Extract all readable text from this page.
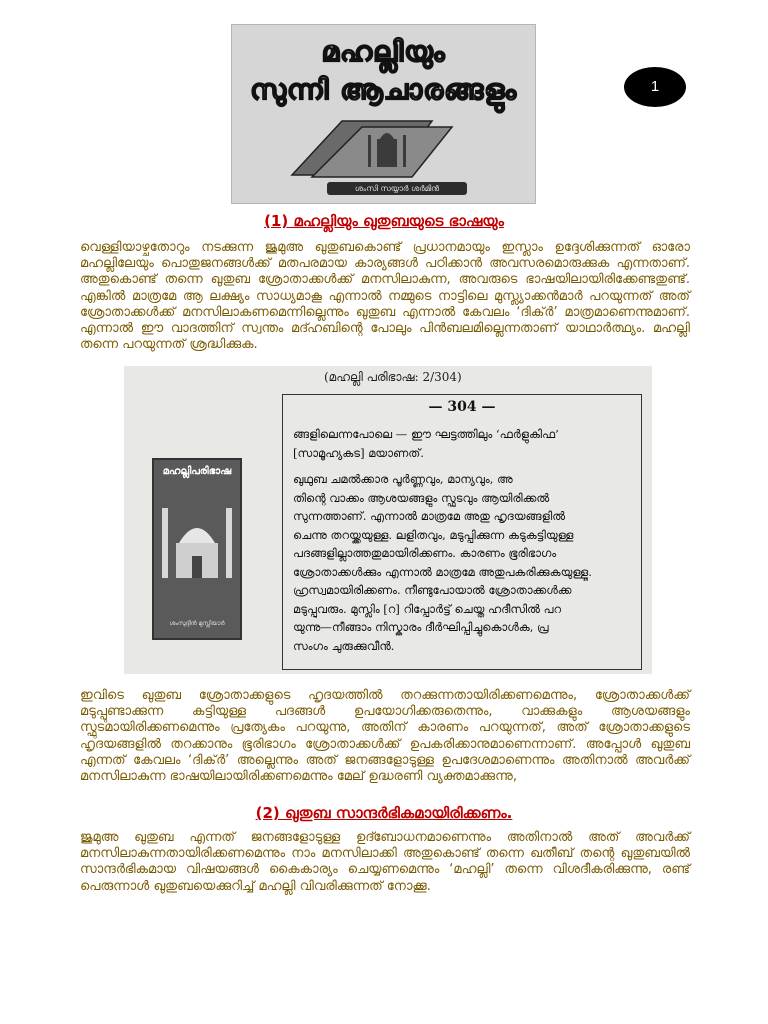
മഹല്ലിയും
സുന്നി ആചാരങ്ങളും
ശംസി സയ്യാർ ശർമിൻ
1
(1) മഹല്ലിയും ഖുതുബയുടെ ഭാഷയും
വെള്ളിയാഴ്ചതോറും നടക്കുന്ന ജുമുഅ ഖുതുബകൊണ്ട് പ്രധാനമായും ഇസ്ലാം ഉദ്ദേശിക്കുന്നത് ഓരോ മഹല്ലിലേയും പൊതുജനങ്ങൾക്ക് മതപരമായ കാര്യങ്ങൾ പഠിക്കാൻ അവസരമൊരുക്കുക എന്നതാണ്. അതുകൊണ്ട് തന്നെ ഖുതുബ ശ്രോതാക്കൾക്ക് മനസിലാകുന്ന, അവരുടെ ഭാഷയിലായിരിക്കേണ്ടതുണ്ട്. എങ്കിൽ മാത്രമേ ആ ലക്ഷ്യം സാധ്യമാകൂ എന്നാൽ നമ്മുടെ നാട്ടിലെ മുസ്ല്യാക്കൻമാർ പറയുന്നത് അത് ശ്രോതാക്കൾക്ക് മനസിലാകണമെന്നില്ലെന്നും ഖുതുബ എന്നാൽ കേവലം ‘ദിക്ർ’ മാത്രമാണെന്നുമാണ്. എന്നാൽ ഈ വാദത്തിന് സ്വന്തം മദ്ഹബിന്റെ പോലും പിൻബലമില്ലെന്നതാണ് യാഥാർത്ഥ്യം. മഹല്ലി തന്നെ പറയുന്നത് ശ്രദ്ധിക്കുക.
(മഹല്ലി പരിഭാഷ: 2/304)
മഹല്ലിപരിഭാഷ
ശംസുദ്ദീൻ മുസ്ലിയാർ
— 304 —
ങ്ങളിലെന്നപോലെ — ഈ ഘട്ടത്തിലും ‘ഫർളുകിഫ’
[സാമൂഹ്യകട] മയാണത്.
ഖുഥുബ ചമൽക്കാര പൂർണ്ണവും, മാന്യവും, അ
തിന്റെ വാക്കം ആശയങ്ങളും സ്ഫുടവും ആയിരിക്കൽ
സുന്നത്താണ്. എന്നാൽ മാത്രമേ അതു ഹൃദയങ്ങളിൽ
ചെന്നു തറയ്ക്കയുള്ള. ലളിതവും, മടുപ്പിക്കുന്ന കടുകട്ടിയുള്ള
പദങ്ങളില്ലാത്തതുമായിരിക്കണം. കാരണം ഭൂരിഭാഗം
ശ്രോതാക്കൾക്കും എന്നാൽ മാത്രമേ അതുപകരിക്കുകയുള്ളൂ.
ഹ്രസ്വമായിരിക്കണം. നീണ്ടുപോയാൽ ശ്രോതാക്കൾക്ക
മടുപ്പുവരും. മുസ്ലിം [റ] റിപ്പോർട്ട് ചെയ്ത ഹദീസിൽ പറ
യുന്നു—നീങ്ങാം നിസ്കാരം ദീർഘിപ്പിച്ചുകൊൾക, പ്ര
സംഗം ചുരുക്കുവീൻ.
ഇവിടെ ഖുതുബ ശ്രോതാക്കളുടെ ഹൃദയത്തിൽ തറക്കുന്നതായിരിക്കണമെന്നും, ശ്രോതാക്കൾക്ക് മടുപ്പുണ്ടാക്കുന്ന കട്ടിയുള്ള പദങ്ങൾ ഉപയോഗിക്കരുതെന്നും, വാക്കുകളും ആശയങ്ങളും സ്ഫുടമായിരിക്കണമെന്നും പ്രത്യേകം പറയുന്നു, അതിന് കാരണം പറയുന്നത്, അത് ശ്രോതാക്കളുടെ ഹൃദയങ്ങളിൽ തറക്കാനും ഭൂരിഭാഗം ശ്രോതാക്കൾക്ക് ഉപകരിക്കാനുമാണെന്നാണ്. അപ്പോൾ ഖുതുബ എന്നത് കേവലം ‘ദിക്ർ’ അല്ലെന്നും അത് ജനങ്ങളോടുള്ള ഉപദേശമാണെന്നും അതിനാൽ അവർക്ക് മനസിലാകുന്ന ഭാഷയിലായിരിക്കണമെന്നും മേല് ഉദ്ധരണി വ്യക്തമാക്കുന്നു,
(2) ഖുതുബ സാന്ദർഭികമായിരിക്കണം.
ജുമുഅ ഖുതുബ എന്നത് ജനങ്ങളോടുള്ള ഉദ്ബോധനമാണെന്നും അതിനാൽ അത് അവർക്ക് മനസിലാകുന്നതായിരിക്കണമെന്നും നാം മനസിലാക്കി അതുകൊണ്ട് തന്നെ ഖതീബ് തന്റെ ഖുതുബയിൽ സാന്ദർഭികമായ വിഷയങ്ങൾ കൈകാര്യം ചെയ്യണമെന്നും ‘മഹല്ലി’ തന്നെ വിശദീകരിക്കുന്നു, രണ്ട് പെരുന്നാൾ ഖുതുബയെക്കുറിച്ച് മഹല്ലി വിവരിക്കുന്നത് നോക്കൂ.
